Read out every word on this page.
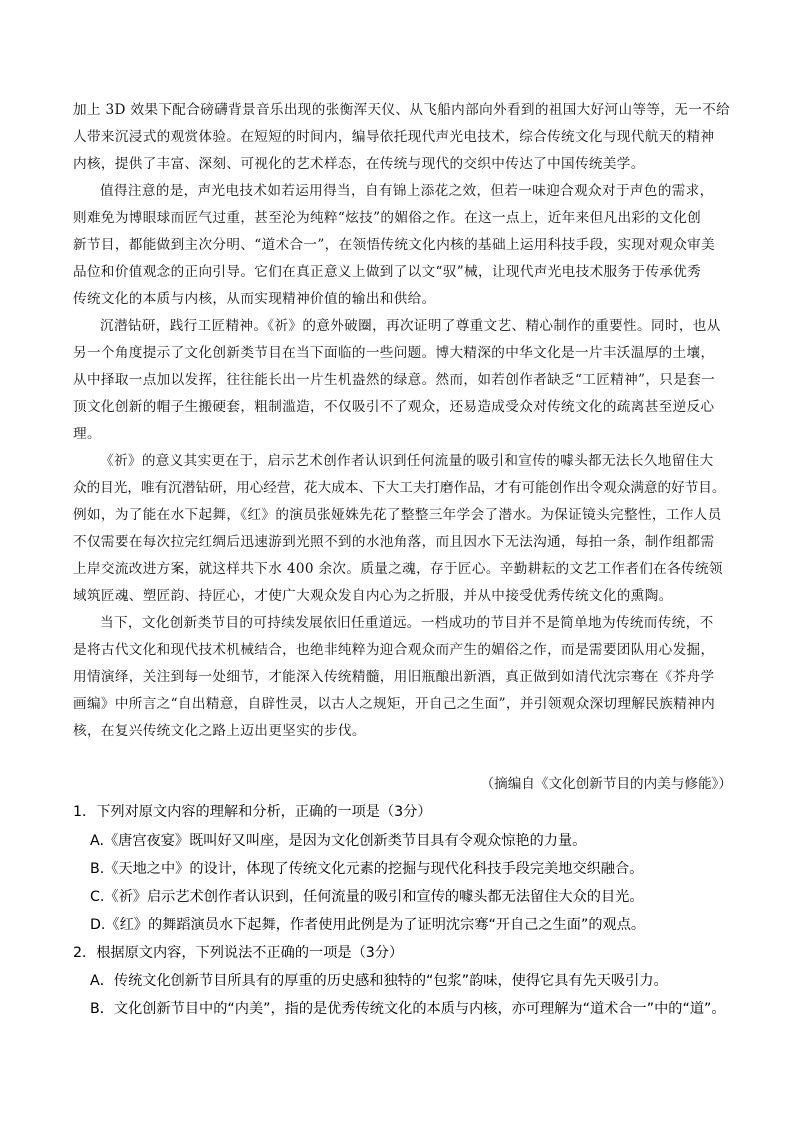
加上 3D 效果下配合磅礴背景音乐出现的张衡浑天仪、从飞船内部向外看到的祖国大好河山等等，无一不给
人带来沉浸式的观赏体验。在短短的时间内，编导依托现代声光电技术，综合传统文化与现代航天的精神
内核，提供了丰富、深刻、可视化的艺术样态，在传统与现代的交织中传达了中国传统美学。
值得注意的是，声光电技术如若运用得当，自有锦上添花之效，但若一味迎合观众对于声色的需求，
则难免为博眼球而匠气过重，甚至沦为纯粹“炫技”的媚俗之作。在这一点上，近年来但凡出彩的文化创
新节目，都能做到主次分明、“道术合一”，在领悟传统文化内核的基础上运用科技手段，实现对观众审美
品位和价值观念的正向引导。它们在真正意义上做到了以文“驭”械，让现代声光电技术服务于传承优秀
传统文化的本质与内核，从而实现精神价值的输出和供给。
沉潜钻研，践行工匠精神。《祈》的意外破圈，再次证明了尊重文艺、精心制作的重要性。同时，也从
另一个角度提示了文化创新类节目在当下面临的一些问题。博大精深的中华文化是一片丰沃温厚的土壤，
从中择取一点加以发挥，往往能长出一片生机盎然的绿意。然而，如若创作者缺乏“工匠精神”，只是套一
顶文化创新的帽子生搬硬套，粗制滥造，不仅吸引不了观众，还易造成受众对传统文化的疏离甚至逆反心
理。
《祈》的意义其实更在于，启示艺术创作者认识到任何流量的吸引和宣传的噱头都无法长久地留住大
众的目光，唯有沉潜钻研，用心经营，花大成本、下大工夫打磨作品，才有可能创作出令观众满意的好节目。
例如，为了能在水下起舞，《红》的演员张娅姝先花了整整三年学会了潜水。为保证镜头完整性，工作人员
不仅需要在每次拉完红绸后迅速游到光照不到的水池角落，而且因水下无法沟通，每拍一条，制作组都需
上岸交流改进方案，就这样共下水 400 余次。质量之魂，存于匠心。辛勤耕耘的文艺工作者们在各传统领
域筑匠魂、塑匠韵、持匠心，才使广大观众发自内心为之折服，并从中接受优秀传统文化的熏陶。
当下，文化创新类节目的可持续发展依旧任重道远。一档成功的节目并不是简单地为传统而传统，不
是将古代文化和现代技术机械结合，也绝非纯粹为迎合观众而产生的媚俗之作，而是需要团队用心发掘，
用情演绎，关注到每一处细节，才能深入传统精髓，用旧瓶酿出新酒，真正做到如清代沈宗骞在《芥舟学
画编》中所言之“自出精意，自辟性灵，以古人之规矩，开自己之生面”，并引领观众深切理解民族精神内
核，在复兴传统文化之路上迈出更坚实的步伐。
（摘编自《文化创新节目的内美与修能》）
1．下列对原文内容的理解和分析，正确的一项是（3分）
A.《唐宫夜宴》既叫好又叫座，是因为文化创新类节目具有令观众惊艳的力量。
B.《天地之中》的设计，体现了传统文化元素的挖掘与现代化科技手段完美地交织融合。
C.《祈》启示艺术创作者认识到，任何流量的吸引和宣传的噱头都无法留住大众的目光。
D.《红》的舞蹈演员水下起舞，作者使用此例是为了证明沈宗骞“开自己之生面”的观点。
2．根据原文内容，下列说法不正确的一项是（3分）
A．传统文化创新节目所具有的厚重的历史感和独特的“包浆”韵味，使得它具有先天吸引力。
B．文化创新节目中的“内美”，指的是优秀传统文化的本质与内核，亦可理解为“道术合一”中的“道”。
